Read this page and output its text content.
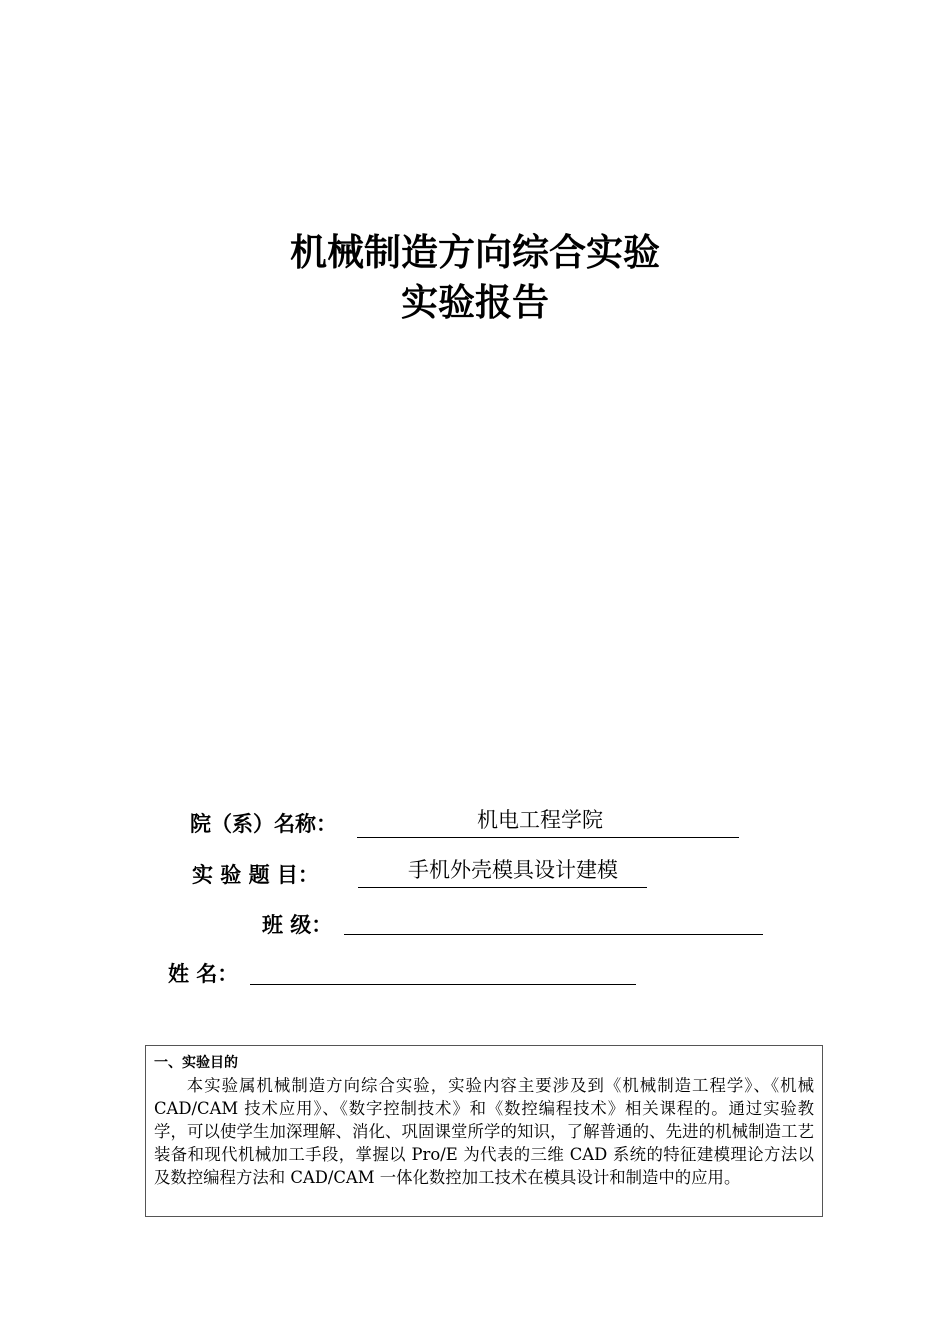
机械制造方向综合实验
实验报告
院（系）名称：	机电工程学院
实 验 题 目：	手机外壳模具设计建模
班 级：
姓 名：

一、实验目的

本实验属机械制造方向综合实验，实验内容主要涉及到《机械制造工程学》、《机械 CAD/CAM 技术应用》、《数字控制技术》和《数控编程技术》相关课程的。通过实验教学，可以使学生加深理解、消化、巩固课堂所学的知识，了解普通的、先进的机械制造工艺装备和现代机械加工手段，掌握以 Pro/E 为代表的三维 CAD 系统的特征建模理论方法以及数控编程方法和 CAD/CAM 一体化数控加工技术在模具设计和制造中的应用。
